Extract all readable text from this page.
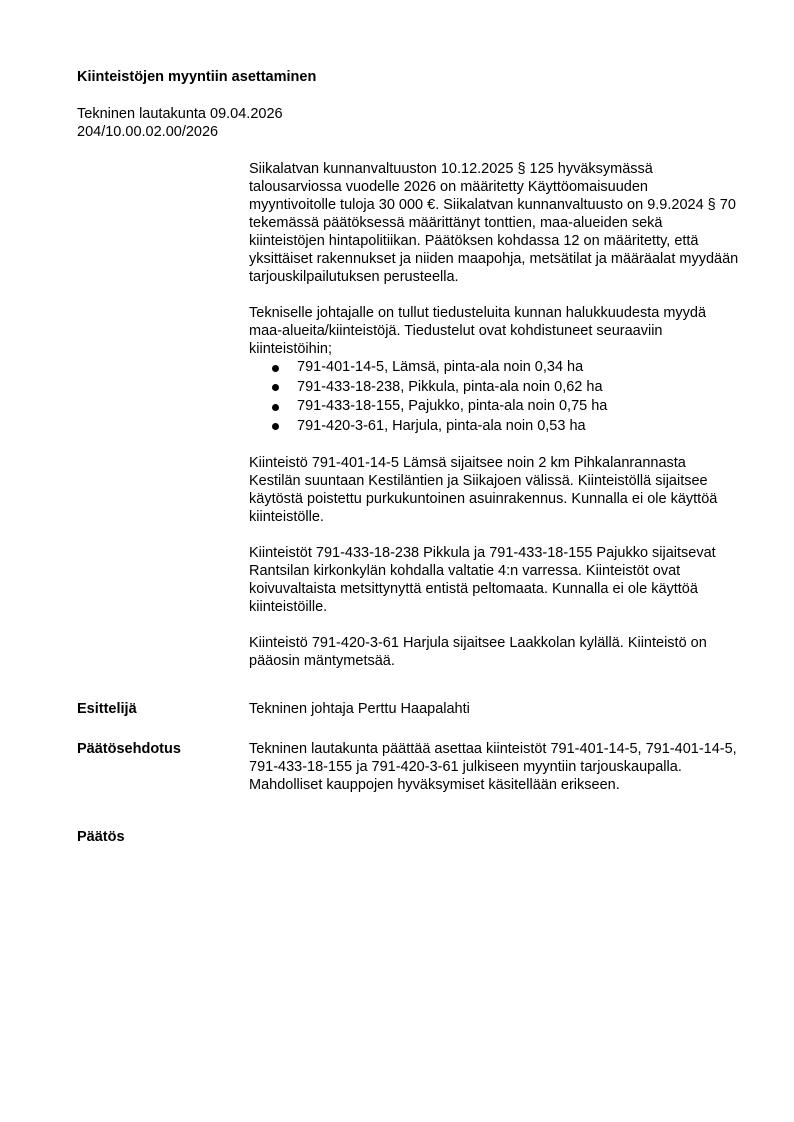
Kiinteistöjen myyntiin asettaminen
Tekninen lautakunta 09.04.2026
204/10.00.02.00/2026

Siikalatvan kunnanvaltuuston 10.12.2025 § 125 hyväksymässä talousarviossa vuodelle 2026 on määritetty Käyttöomaisuuden myyntivoitolle tuloja 30 000 €. Siikalatvan kunnanvaltuusto on 9.9.2024 § 70 tekemässä päätöksessä määrittänyt tonttien, maa-alueiden sekä kiinteistöjen hintapolitiikan. Päätöksen kohdassa 12 on määritetty, että yksittäiset rakennukset ja niiden maapohja, metsätilat ja määräalat myydään tarjouskilpailutuksen perusteella.

Tekniselle johtajalle on tullut tiedusteluita kunnan halukkuudesta myydä maa-alueita/kiinteistöjä. Tiedustelut ovat kohdistuneet seuraaviin kiinteistöihin;

791-401-14-5, Lämsä, pinta-ala noin 0,34 ha
791-433-18-238, Pikkula, pinta-ala noin 0,62 ha
791-433-18-155, Pajukko, pinta-ala noin 0,75 ha
791-420-3-61, Harjula, pinta-ala noin 0,53 ha

Kiinteistö 791-401-14-5 Lämsä sijaitsee noin 2 km Pihkalanrannasta Kestilän suuntaan Kestiläntien ja Siikajoen välissä. Kiinteistöllä sijaitsee käytöstä poistettu purkukuntoinen asuinrakennus. Kunnalla ei ole käyttöä kiinteistölle.

Kiinteistöt 791-433-18-238 Pikkula ja 791-433-18-155 Pajukko sijaitsevat Rantsilan kirkonkylän kohdalla valtatie 4:n varressa. Kiinteistöt ovat koivuvaltaista metsittynyttä entistä peltomaata. Kunnalla ei ole käyttöä kiinteistöille.

Kiinteistö 791-420-3-61 Harjula sijaitsee Laakkolan kylällä. Kiinteistö on pääosin mäntymetsää.

Esittelijä	Tekninen johtaja Perttu Haapalahti
Päätösehdotus	Tekninen lautakunta päättää asettaa kiinteistöt 791-401-14-5, 791-401-14-5, 791-433-18-155 ja 791-420-3-61 julkiseen myyntiin tarjouskaupalla. Mahdolliset kauppojen hyväksymiset käsitellään erikseen.
Päätös
